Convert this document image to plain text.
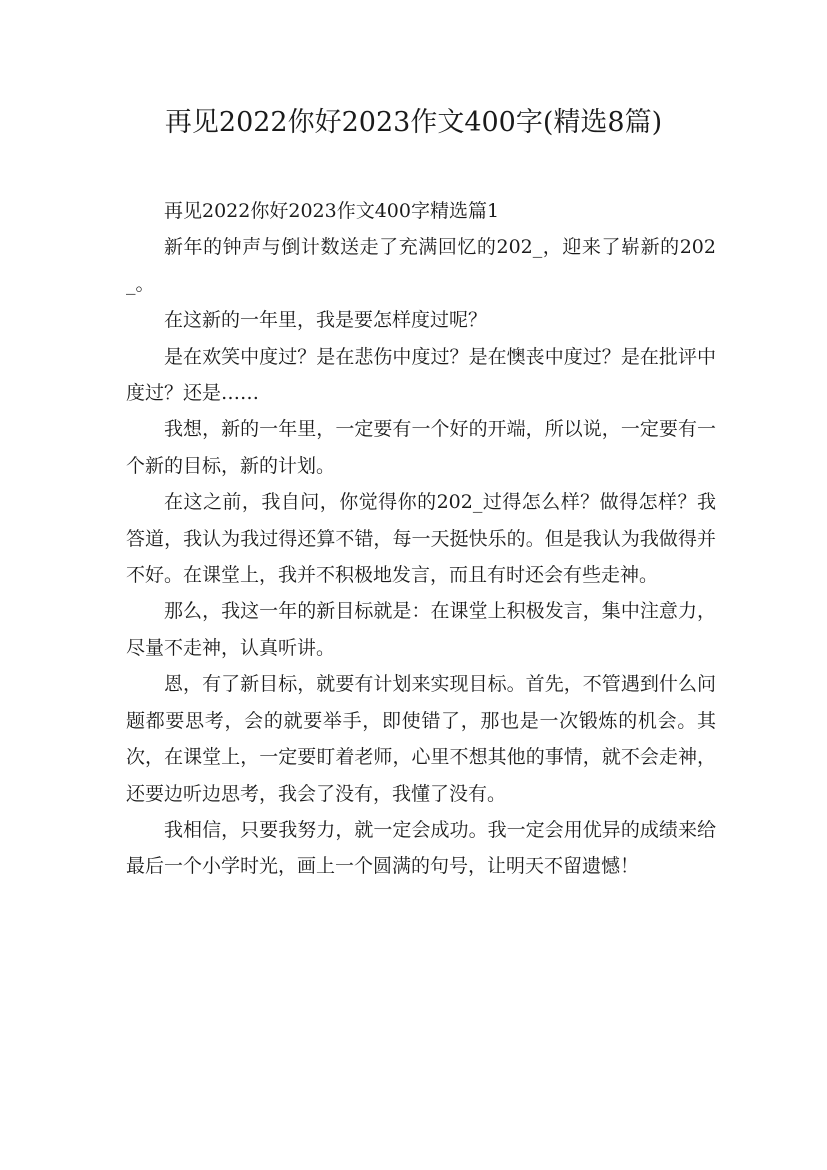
再见2022你好2023作文400字(精选8篇)

再见2022你好2023作文400字精选篇1

新年的钟声与倒计数送走了充满回忆的202_，迎来了崭新的202_。

在这新的一年里，我是要怎样度过呢？

是在欢笑中度过？是在悲伤中度过？是在懊丧中度过？是在批评中度过？还是……

我想，新的一年里，一定要有一个好的开端，所以说，一定要有一个新的目标，新的计划。

在这之前，我自问，你觉得你的202_过得怎么样？做得怎样？我答道，我认为我过得还算不错，每一天挺快乐的。但是我认为我做得并不好。在课堂上，我并不积极地发言，而且有时还会有些走神。

那么，我这一年的新目标就是：在课堂上积极发言，集中注意力，尽量不走神，认真听讲。

恩，有了新目标，就要有计划来实现目标。首先，不管遇到什么问题都要思考，会的就要举手，即使错了，那也是一次锻炼的机会。其次，在课堂上，一定要盯着老师，心里不想其他的事情，就不会走神，还要边听边思考，我会了没有，我懂了没有。

我相信，只要我努力，就一定会成功。我一定会用优异的成绩来给最后一个小学时光，画上一个圆满的句号，让明天不留遗憾！
